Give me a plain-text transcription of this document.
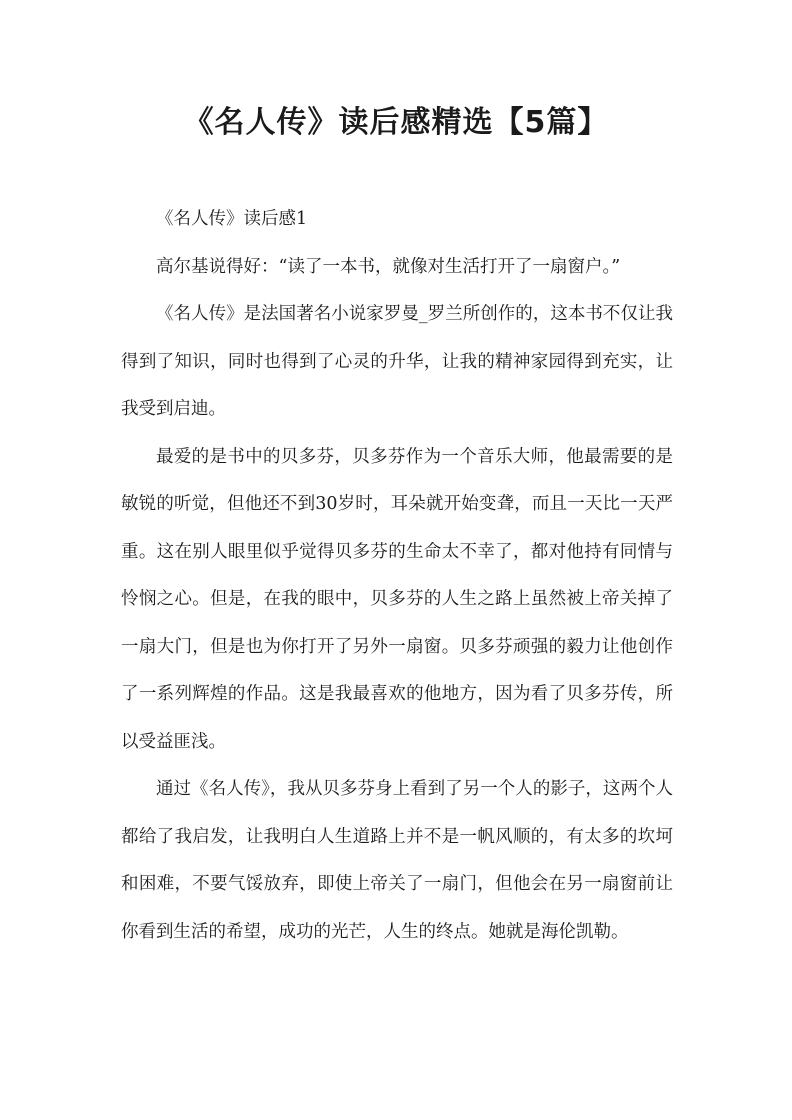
《名人传》读后感精选【5篇】

《名人传》读后感1

高尔基说得好：“读了一本书，就像对生活打开了一扇窗户。”

《名人传》是法国著名小说家罗曼_罗兰所创作的，这本书不仅让我得到了知识，同时也得到了心灵的升华，让我的精神家园得到充实，让我受到启迪。

最爱的是书中的贝多芬，贝多芬作为一个音乐大师，他最需要的是敏锐的听觉，但他还不到30岁时，耳朵就开始变聋，而且一天比一天严重。这在别人眼里似乎觉得贝多芬的生命太不幸了，都对他持有同情与怜悯之心。但是，在我的眼中，贝多芬的人生之路上虽然被上帝关掉了一扇大门，但是也为你打开了另外一扇窗。贝多芬顽强的毅力让他创作了一系列辉煌的作品。这是我最喜欢的他地方，因为看了贝多芬传，所以受益匪浅。

通过《名人传》，我从贝多芬身上看到了另一个人的影子，这两个人都给了我启发，让我明白人生道路上并不是一帆风顺的，有太多的坎坷和困难，不要气馁放弃，即使上帝关了一扇门，但他会在另一扇窗前让你看到生活的希望，成功的光芒，人生的终点。她就是海伦凯勒。
